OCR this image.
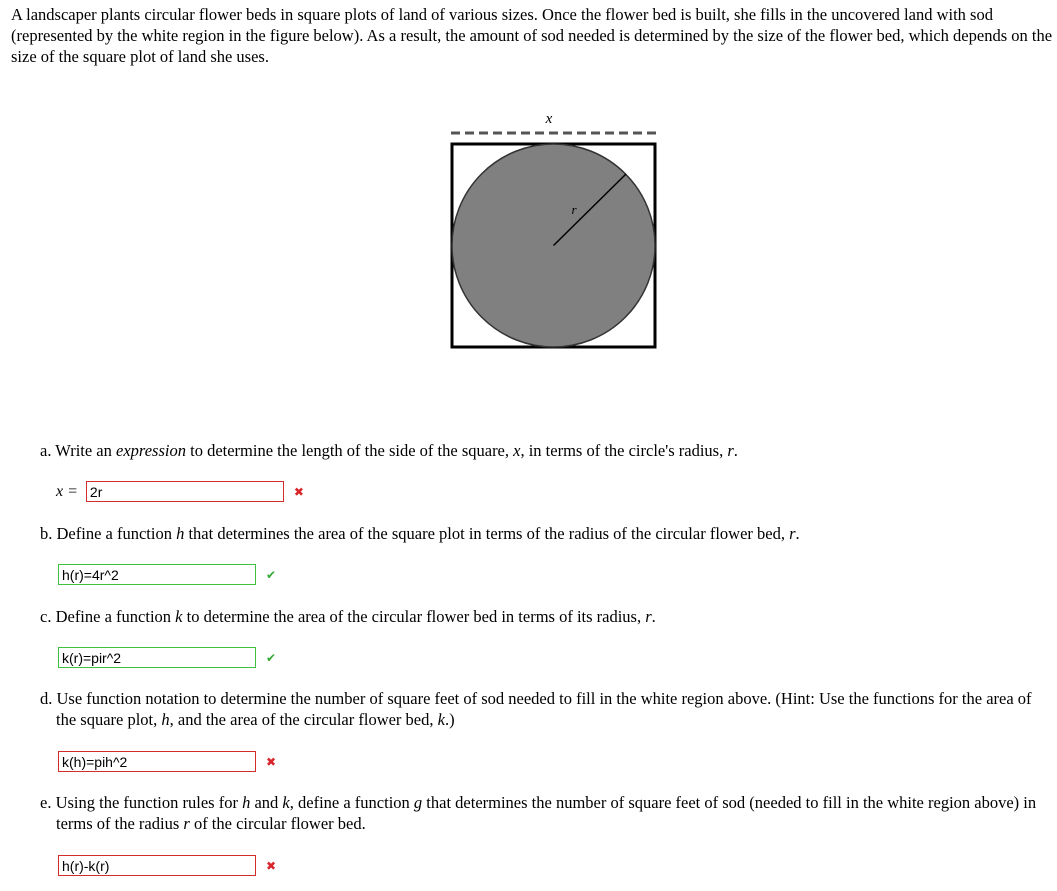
A landscaper plants circular flower beds in square plots of land of various sizes. Once the flower bed is built, she fills in the uncovered land with sod (represented by the white region in the figure below). As a result, the amount of sod needed is determined by the size of the flower bed, which depends on the size of the square plot of land she uses.

x
r

a. Write an expression to determine the length of the side of the square, x, in terms of the circle's radius, r.

x =
2r	✖

b. Define a function h that determines the area of the square plot in terms of the radius of the circular flower bed, r.

h(r)=4r^2
✔

c. Define a function k to determine the area of the circular flower bed in terms of its radius, r.

k(r)=pir^2
✔

d. Use function notation to determine the number of square feet of sod needed to fill in the white region above. (Hint: Use the functions for the area of the square plot, h, and the area of the circular flower bed, k.)

k(h)=pih^2
✖

e. Using the function rules for h and k, define a function g that determines the number of square feet of sod (needed to fill in the white region above) in terms of the radius r of the circular flower bed.

h(r)-k(r)
✖
